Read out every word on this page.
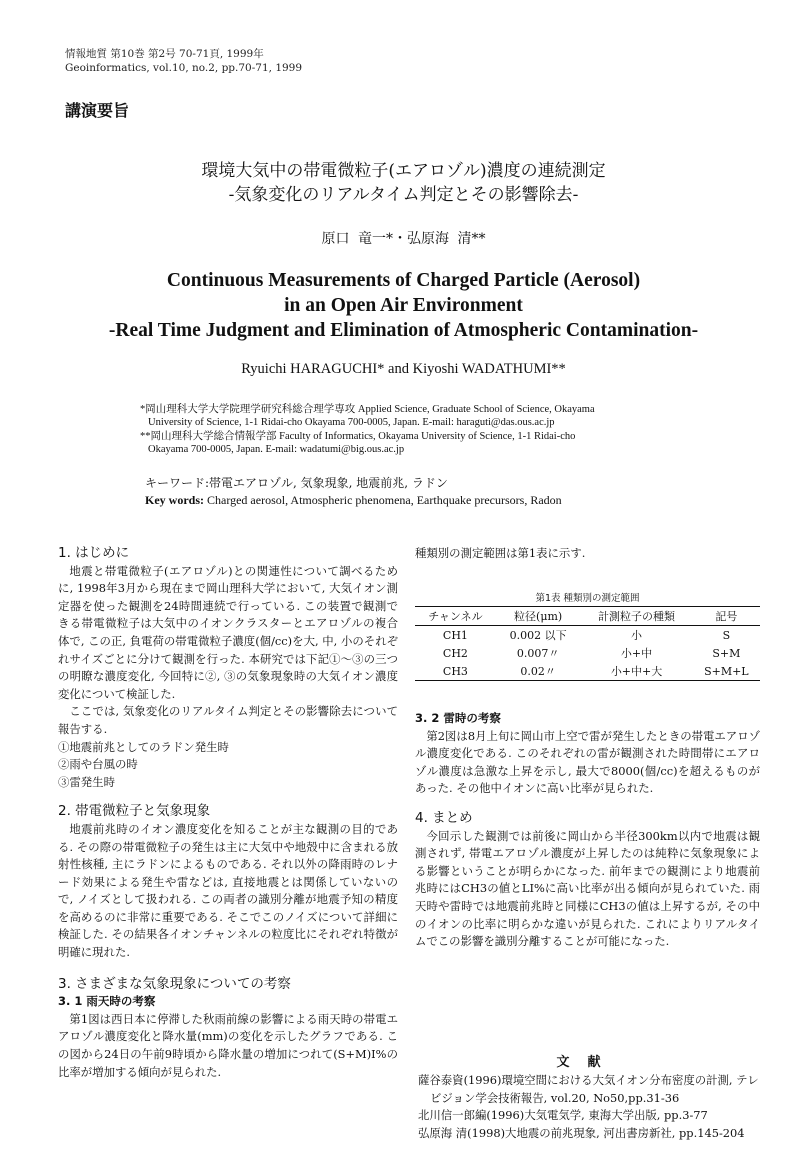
情報地質 第10巻 第2号 70-71頁, 1999年
Geoinformatics, vol.10, no.2, pp.70-71, 1999
講演要旨
環境大気中の帯電微粒子(エアロゾル)濃度の連続測定
-気象変化のリアルタイム判定とその影響除去-
原口 竜一*・弘原海 清**
Continuous Measurements of Charged Particle (Aerosol)
in an Open Air Environment
-Real Time Judgment and Elimination of Atmospheric Contamination-
Ryuichi HARAGUCHI* and Kiyoshi WADATHUMI**
*岡山理科大学大学院理学研究科総合理学専攻 Applied Science, Graduate School of Science, Okayama
University of Science, 1-1 Ridai-cho Okayama 700-0005, Japan. E-mail: haraguti@das.ous.ac.jp
**岡山理科大学総合情報学部 Faculty of Informatics, Okayama University of Science, 1-1 Ridai-cho
Okayama 700-0005, Japan. E-mail: wadatumi@big.ous.ac.jp
キーワード:帯電エアロゾル, 気象現象, 地震前兆, ラドン
Key words: Charged aerosol, Atmospheric phenomena, Earthquake precursors, Radon
1. はじめに
地震と帯電微粒子(エアロゾル)との関連性について調べるために, 1998年3月から現在まで岡山理科大学において, 大気イオン測定器を使った観測を24時間連続で行っている. この装置で観測できる帯電微粒子は大気中のイオンクラスターとエアロゾルの複合体で, この正, 負電荷の帯電微粒子濃度(個/cc)を大, 中, 小のそれぞれサイズごとに分けて観測を行った. 本研究では下記①〜③の三つの明瞭な濃度変化, 今回特に②, ③の気象現象時の大気イオン濃度変化について検証した.
ここでは, 気象変化のリアルタイム判定とその影響除去について報告する.
①地震前兆としてのラドン発生時
②雨や台風の時
③雷発生時
2. 帯電微粒子と気象現象
地震前兆時のイオン濃度変化を知ることが主な観測の目的である. その際の帯電微粒子の発生は主に大気中や地殻中に含まれる放射性核種, 主にラドンによるものである. それ以外の降雨時のレナード効果による発生や雷などは, 直接地震とは関係していないので, ノイズとして扱われる. この両者の識別分離が地震予知の精度を高めるのに非常に重要である. そこでこのノイズについて詳細に検証した. その結果各イオンチャンネルの粒度比にそれぞれ特徴が明確に現れた.
3. さまざまな気象現象についての考察
3. 1 雨天時の考察
第1図は西日本に停滞した秋雨前線の影響による雨天時の帯電エアロゾル濃度変化と降水量(mm)の変化を示したグラフである. この図から24日の午前9時頃から降水量の増加につれて(S+M)I%の比率が増加する傾向が見られた.
種類別の測定範囲は第1表に示す.
第1表 種類別の測定範囲
チャンネル	粒径(μm)	計測粒子の種類	記号
CH1	0.002 以下	小	S
CH2	0.007〃	小+中	S+M
CH3	0.02〃	小+中+大	S+M+L
3. 2 雷時の考察
第2図は8月上旬に岡山市上空で雷が発生したときの帯電エアロゾル濃度変化である. このそれぞれの雷が観測された時間帯にエアロゾル濃度は急激な上昇を示し, 最大で8000(個/cc)を超えるものがあった. その他中イオンに高い比率が見られた.
4. まとめ
今回示した観測では前後に岡山から半径300km以内で地震は観測されず, 帯電エアロゾル濃度が上昇したのは純粋に気象現象による影響ということが明らかになった. 前年までの観測により地震前兆時にはCH3の値とLI%に高い比率が出る傾向が見られていた. 雨天時や雷時では地震前兆時と同様にCH3の値は上昇するが, その中のイオンの比率に明らかな違いが見られた. これによりリアルタイムでこの影響を識別分離することが可能になった.
文献
薩谷泰資(1996)環境空間における大気イオン分布密度の計測, テレビジョン学会技術報告, vol.20, No50,pp.31-36
北川信一郎編(1996)大気電気学, 東海大学出版, pp.3-77
弘原海 清(1998)大地震の前兆現象, 河出書房新社, pp.145-204
